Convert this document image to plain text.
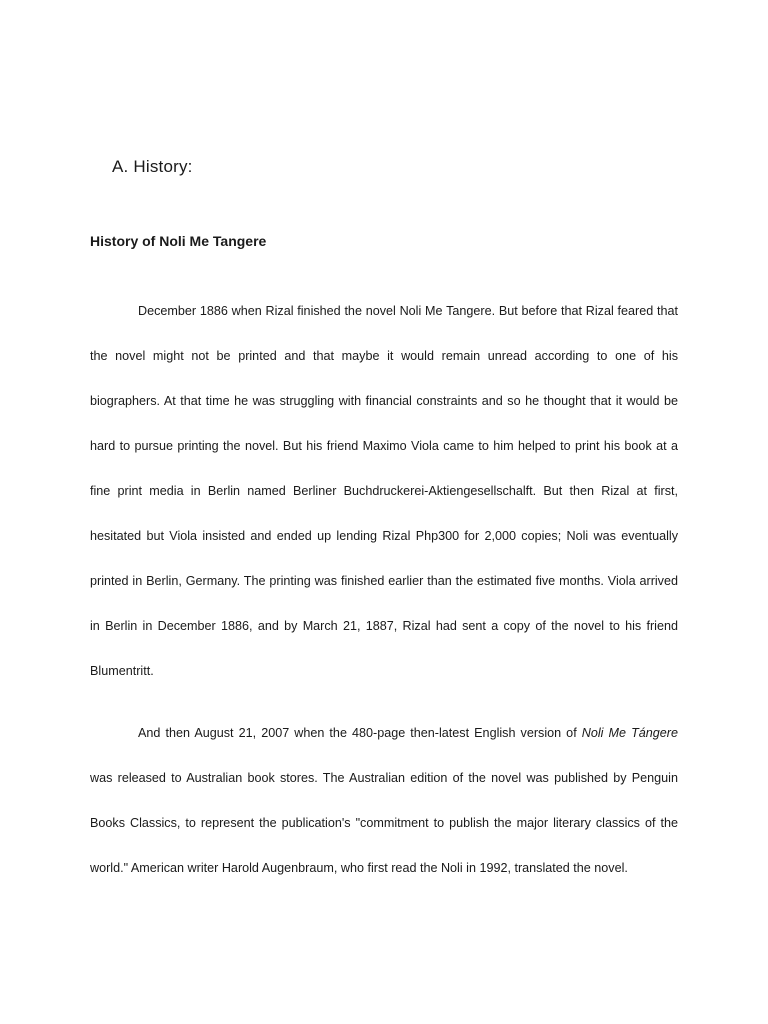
A. History:
History of Noli Me Tangere

December 1886 when Rizal finished the novel Noli Me Tangere. But before that Rizal feared that the novel might not be printed and that maybe it would remain unread according to one of his biographers. At that time he was struggling with financial constraints and so he thought that it would be hard to pursue printing the novel. But his friend Maximo Viola came to him helped to print his book at a fine print media in Berlin named Berliner Buchdruckerei-Aktiengesellschalft. But then Rizal at first, hesitated but Viola insisted and ended up lending Rizal Php300 for 2,000 copies; Noli was eventually printed in Berlin, Germany. The printing was finished earlier than the estimated five months. Viola arrived in Berlin in December 1886, and by March 21, 1887, Rizal had sent a copy of the novel to his friend Blumentritt.

And then August 21, 2007 when the 480-page then-latest English version of Noli Me Tángere was released to Australian book stores. The Australian edition of the novel was published by Penguin Books Classics, to represent the publication's "commitment to publish the major literary classics of the world." American writer Harold Augenbraum, who first read the Noli in 1992, translated the novel.
